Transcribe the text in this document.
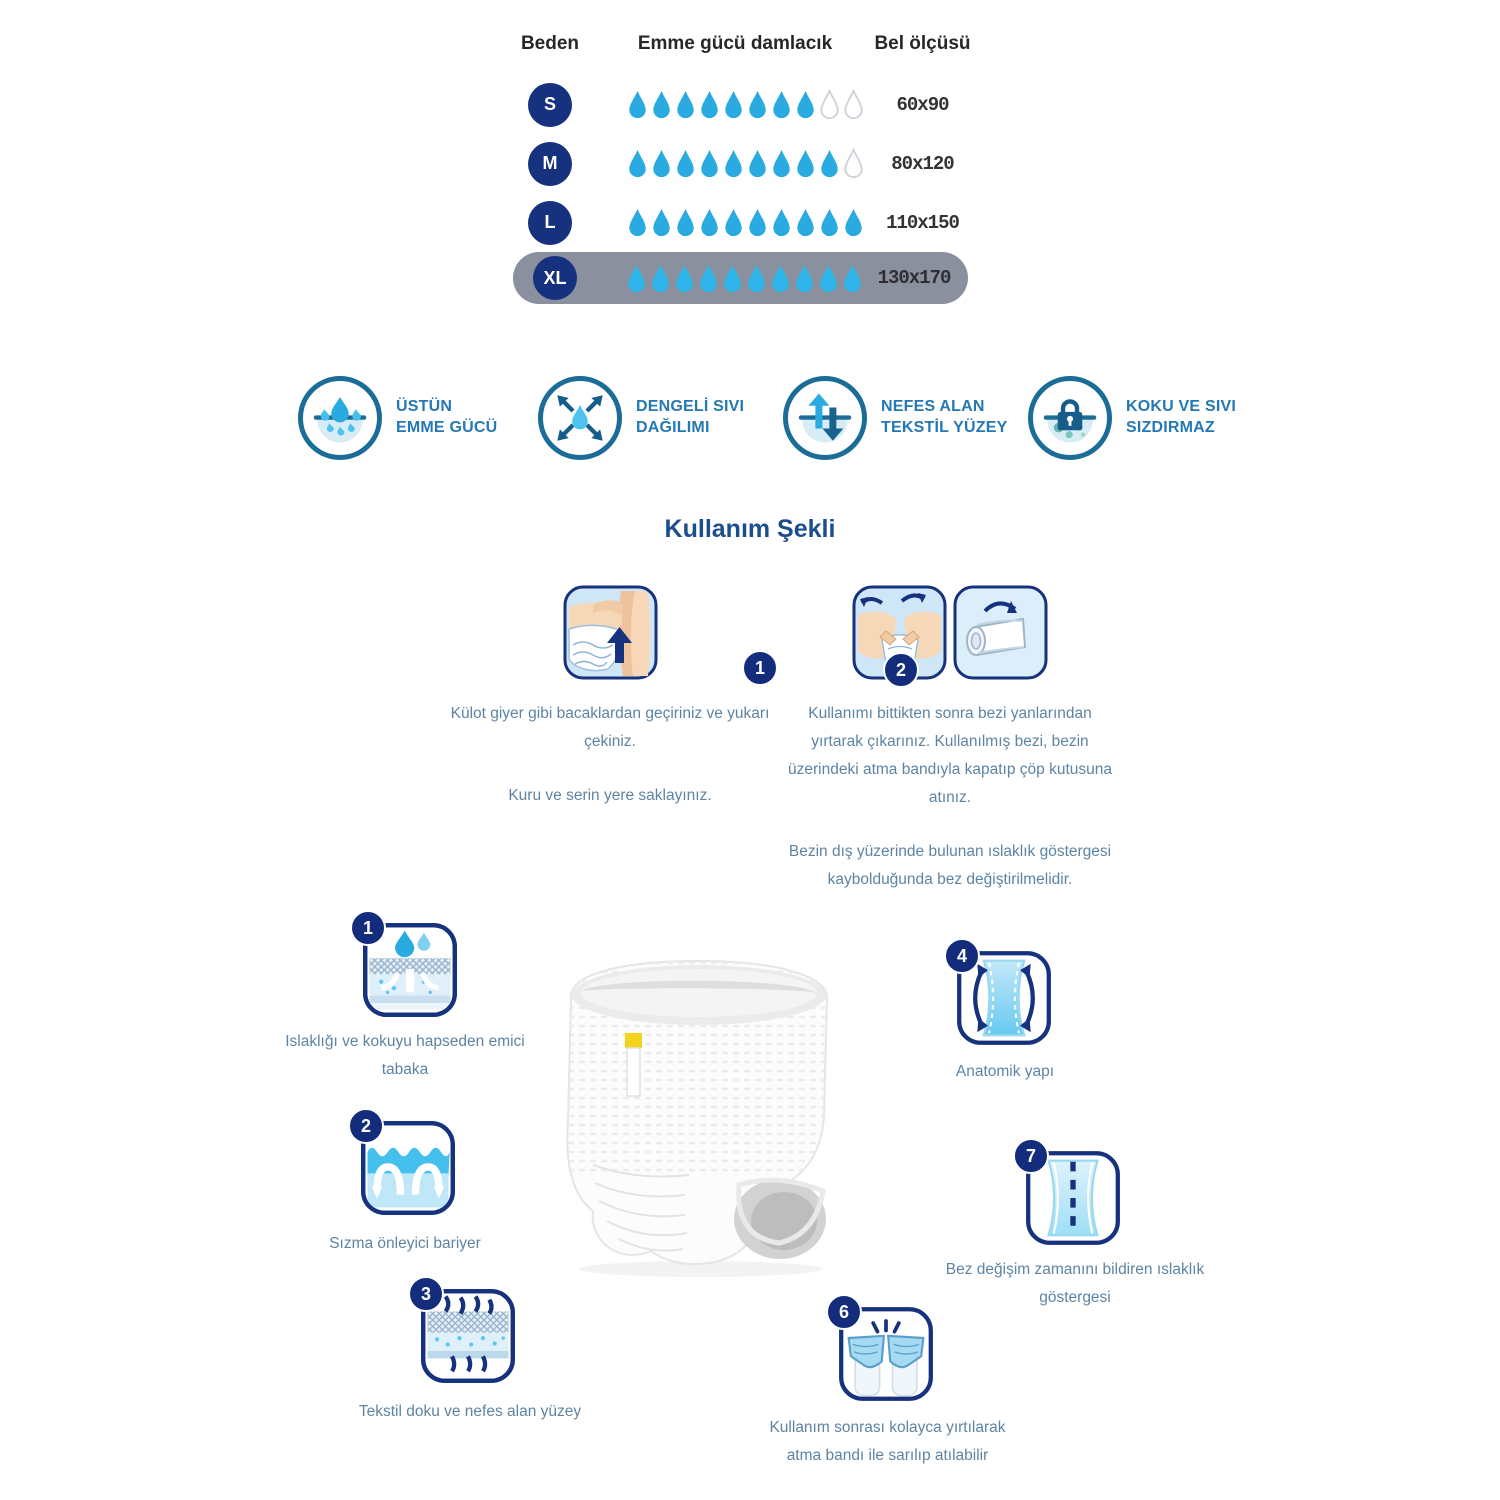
Beden	Emme gücü damlacık	Bel ölçüsü
S	60x90
M	80x120
L	110x150
XL	130x170
ÜSTÜN
EMME GÜCÜ
DENGELİ SIVI
DAĞILIMI
NEFES ALAN
TEKSTİL YÜZEY
KOKU VE SIVI
SIZDIRMAZ
Kullanım Şekli
1

Külot giyer gibi bacaklardan geçiriniz ve yukarı çekiniz.

Kuru ve serin yere saklayınız.

2

Kullanımı bittikten sonra bezi yanlarından yırtarak çıkarınız. Kullanılmış bezi, bezin üzerindeki atma bandıyla kapatıp çöp kutusuna atınız.

Bezin dış yüzerinde bulunan ıslaklık göstergesi kaybolduğunda bez değiştirilmelidir.

1
Islaklığı ve kokuyu hapseden emici tabaka
2
Sızma önleyici bariyer
3
Tekstil doku ve nefes alan yüzey
4
Anatomik yapı
7
Bez değişim zamanını bildiren ıslaklık göstergesi
6
Kullanım sonrası kolayca yırtılarak atma bandı ile sarılıp atılabilir
